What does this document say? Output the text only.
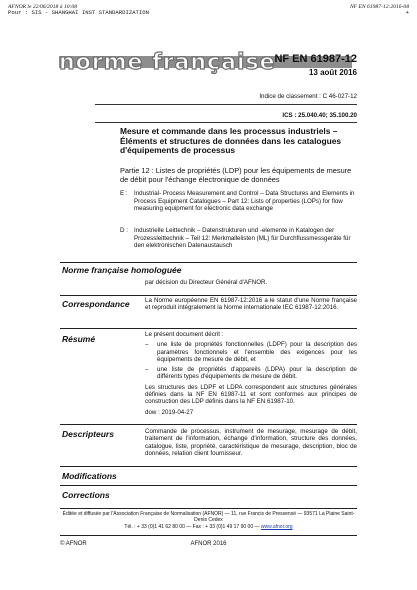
AFNOR le 22/06/2018 à 10:08
Pour : SIS - SHANGHAI INST STANDARDIZATION
NF EN 61987-12:2016-08
+
norme française
NF EN 61987-12
13 août 2016
Indice de classement : C 46-027-12
ICS : 25.040.40; 35.100.20
Mesure et commande dans les processus industriels – Éléments et structures de données dans les catalogues d'équipements de processus
Partie 12 : Listes de propriétés (LDP) pour les équipements de mesure de débit pour l'échange électronique de données
E :	Industrial- Process Measurement and Control – Data Structures and Elements in Process Equipment Catalogues – Part 12: Lists of properties (LOPs) for flow measuring equipment for electronic data exchange
D : Industrielle Leittechnik – Datenstrukturen und -elemente in Katalogen der Prozessleittechnik – Teil 12: Merkmallelisten (ML) für Durchflussmessgeräte für den elektronischen Datenaustausch
Norme française homologuée
par décision du Directeur Général d'AFNOR.
Correspondance La Norme européenne EN 61987-12:2016 a le statut d'une Norme française et reproduit intégralement la Norme internationale IEC 61987-12:2016.
Résumé	Le présent document décrit :
–	une liste de propriétés fonctionnelles (LDPF) pour la description des paramètres fonctionnels et l'ensemble des exigences pour les équipements de mesure de débit, et
–	une liste de propriétés d'appareils (LDPA) pour la description de différents types d'équipements de mesure de débit.
Les structures des LDPF et LDPA correspondent aux structures générales définies dans la NF EN 61987-11 et sont conformes aux principes de construction des LDP définis dans la NF EN 61987-10.
dow : 2019-04-27
Descripteurs	Commande de processus, instrument de mesurage, mesurage de débit, traitement de l'information, échange d'information, structure des données, catalogue, liste, propriété, caractéristique de mesurage, description, bloc de données, relation client fournisseur.
Modifications
Corrections
Éditée et diffusée par l'Association Française de Normalisation (AFNOR) — 11, rue Francis de Pressensé — 93571 La Plaine Saint-Denis Cedex
Tél. : + 33 (0)1 41 62 80 00 — Fax : + 33 (0)1 49 17 90 00 — www.afnor.org
© AFNOR	AFNOR 2016
